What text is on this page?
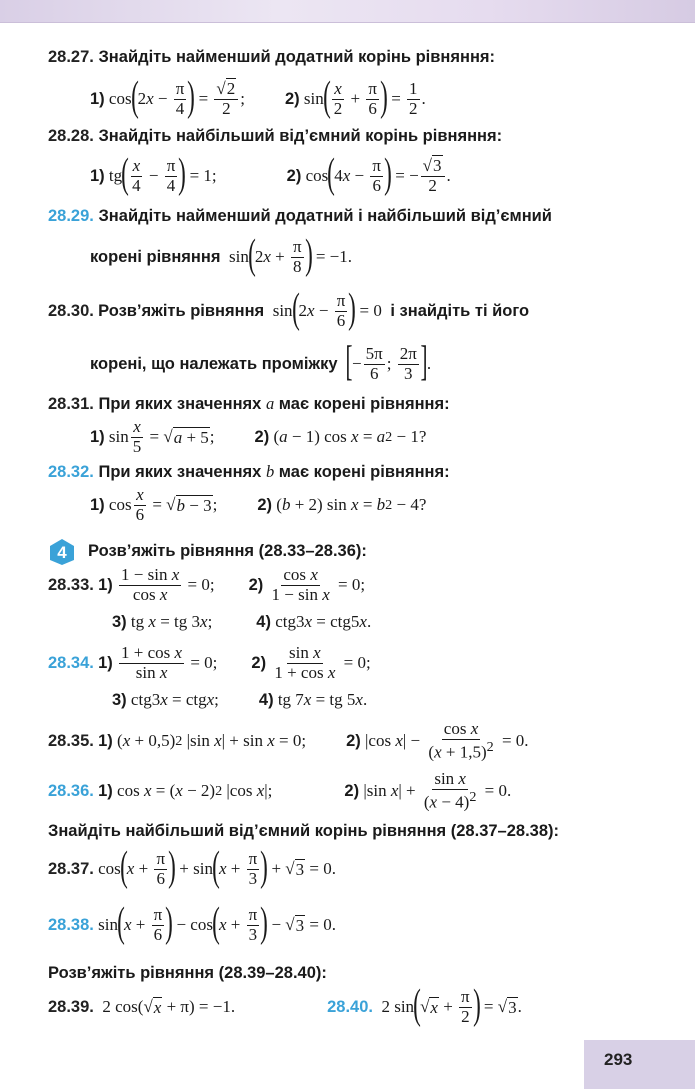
28.27. Знайдіть найменший додатний корінь рівняння:
1) cos ( 2 $x - \frac{\pi}{4}$ ) = $\frac{√2}{2}$ ; 2) sin ( $\frac{x}{2} + \frac{\pi}{6}$ ) = $\frac{1}{2}$ .
28.28. Знайдіть найбільший від’ємний корінь рівняння:
1) tg ( $\frac{x}{4} - \frac{\pi}{4}$ ) = 1;	2) cos ( 4 $x - \frac{\pi}{6}$ ) = − $\frac{√3}{2}$ .
28.29. Знайдіть найменший додатний і найбільший від’ємний
корені рівняння sin ( 2 $x + \frac{\pi}{8}$ ) = −1.
28.30.
Розв’яжіть рівняння sin ( 2 $x - \frac{\pi}{6}$ ) = 0 і знайдіть ті його
корені, що належать проміжку
[ − $\frac{5\pi}{6}$ ; $\frac{2\pi}{3}$ ] .
28.31. При яких значеннях a має корені рівняння:
1) $\sin \frac{x}{5}$ = √ a + 5 ; 2) ( a − 1) cos x = a 2 − 1?
28.32. При яких значеннях b має корені рівняння:
1) $\cos \frac{x}{6}$ = √ b − 3 ; 2) ( b + 2) sin x = b 2 − 4?
4 Розв’яжіть рівняння (28.33–28.36):
28.33.
1)
$\frac{\text{1 − sin x}}{\text{cos x}} = 0$; 2)
$\frac{\text{cos x}}{\text{1 − sin x}} = 0$;
3) tg x = tg 3 x ;	4) ctg3 x = ctg5 x .
28.34.
1)
$\frac{\text{1 + cos x}}{\text{sin x}} = 0$; 2)
$\frac{\text{sin x}}{\text{1 + cos x}} = 0$;
3) ctg3 x = ctg x ; 4) tg 7 x = tg 5 x .
28.35.
1) ( x + 0,5) 2 |sin x | + sin x = 0; 2) |cos x | − $\frac{\text{cos x}}{(x + 1,5)^2} = 0$.
28.36.
1) cos x = ( x − 2) 2 |cos x |;	2) |sin x | + $\frac{\text{sin x}}{(x - 4)^2} = 0$.
Знайдіть найбільший від’ємний корінь рівняння (28.37–28.38):
28.37. cos ( $x + \frac{\pi}{6}$ ) + sin ( $x + \frac{\pi}{3}$ ) + √ 3 = 0.
28.38. sin ( $x + \frac{\pi}{6}$ ) − cos ( $x + \frac{\pi}{3}$ ) − √ 3 = 0.
Розв’яжіть рівняння (28.39–28.40):
28.39. 2 cos(√ x + π) = −1.	28.40. 2 sin ( √ $x + \frac{\pi}{2}$ ) = √ 3 .
293
